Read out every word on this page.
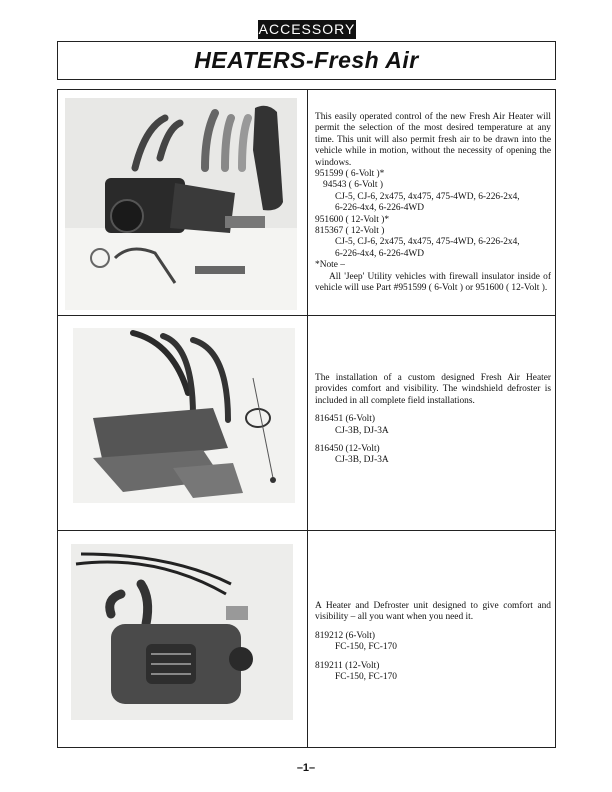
ACCESSORY
HEATERS-Fresh Air

This easily operated control of the new Fresh Air Heater will permit the selection of the most desired temperature at any time. This unit will also permit fresh air to be drawn into the vehicle while in motion, without the necessity of opening the windows.

951599 ( 6-Volt )*

94543 ( 6-Volt )

CJ-5, CJ-6, 2x475, 4x475, 475-4WD, 6-226-2x4,

6-226-4x4, 6-226-4WD

951600 ( 12-Volt )*

815367 ( 12-Volt )

CJ-5, CJ-6, 2x475, 4x475, 475-4WD, 6-226-2x4,

6-226-4x4, 6-226-4WD

*Note –

All 'Jeep' Utility vehicles with firewall insulator inside of vehicle will use Part #951599 ( 6-Volt ) or 951600 ( 12-Volt ).

The installation of a custom designed Fresh Air Heater provides comfort and visibility. The windshield defroster is included in all complete field installations.

816451 (6-Volt)

CJ-3B, DJ-3A

816450 (12-Volt)

CJ-3B, DJ-3A

A Heater and Defroster unit designed to give comfort and visibility – all you want when you need it.

819212 (6-Volt)

FC-150, FC-170

819211 (12-Volt)

FC-150, FC-170

–1–
